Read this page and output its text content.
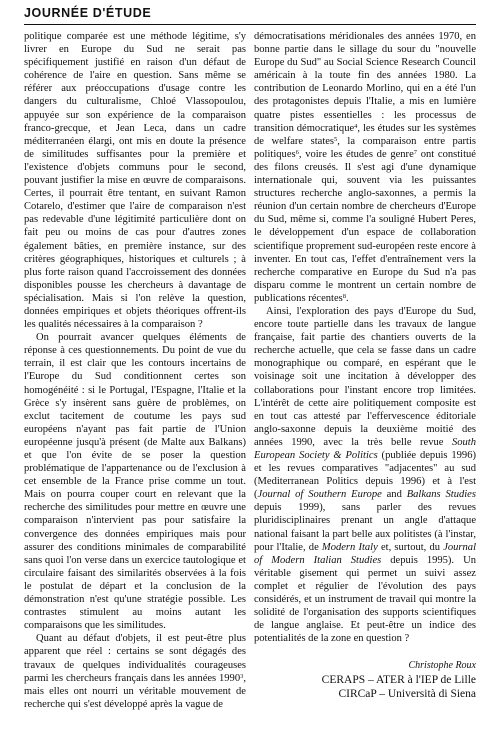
JOURNÉE D'ÉTUDE

politique comparée est une méthode légitime, s'y livrer en Europe du Sud ne serait pas spécifiquement justifié en raison d'un défaut de cohérence de l'aire en question. Sans même se référer aux préoccupations d'usage contre les dangers du culturalisme, Chloé Vlassopoulou, appuyée sur son expérience de la comparaison franco-grecque, et Jean Leca, dans un cadre méditerranéen élargi, ont mis en doute la présence de similitudes suffisantes pour la première et l'existence d'objets communs pour le second, pouvant justifier la mise en œuvre de comparaisons. Certes, il pourrait être tentant, en suivant Ramon Cotarelo, d'estimer que l'aire de comparaison n'est pas redevable d'une légitimité particulière dont on fait peu ou moins de cas pour d'autres zones également bâties, en première instance, sur des critères géographiques, historiques et culturels ; à plus forte raison quand l'accroissement des données disponibles pousse les chercheurs à davantage de spécialisation. Mais si l'on relève la question, données empiriques et objets théoriques offrent-ils les qualités nécessaires à la comparaison ?

On pourrait avancer quelques éléments de réponse à ces questionnements. Du point de vue du terrain, il est clair que les contours incertains de l'Europe du Sud conditionnent certes son homogénéité : si le Portugal, l'Espagne, l'Italie et la Grèce s'y insèrent sans guère de problèmes, on exclut tacitement de coutume les pays sud européens n'ayant pas fait partie de l'Union européenne jusqu'à présent (de Malte aux Balkans) et que l'on évite de se poser la question problématique de l'appartenance ou de l'exclusion à cet ensemble de la France prise comme un tout. Mais on pourra couper court en relevant que la recherche des similitudes pour mettre en œuvre une comparaison n'intervient pas pour satisfaire la convergence des données empiriques mais pour assurer des conditions minimales de comparabilité sans quoi l'on verse dans un exercice tautologique et circulaire faisant des similarités observées à la fois le postulat de départ et la conclusion de la démonstration n'est qu'une stratégie possible. Les contrastes stimulent au moins autant les comparaisons que les similitudes.

Quant au défaut d'objets, il est peut-être plus apparent que réel : certains se sont dégagés des travaux de quelques individualités courageuses parmi les chercheurs français dans les années 1990$^3$, mais elles ont nourri un véritable mouvement de recherche qui s'est développé après la vague de

démocratisations méridionales des années 1970, en bonne partie dans le sillage du sour du "nouvelle Europe du Sud" au Social Science Research Council américain à la toute fin des années 1980. La contribution de Leonardo Morlino, qui en a été l'un des protagonistes depuis l'Italie, a mis en lumière quatre pistes essentielles : les processus de transition démocratique$^4$, les études sur les systèmes de welfare states$^5$, la comparaison entre partis politiques$^6$, voire les études de genre$^7$ ont constitué des filons creusés. Il s'est agi d'une dynamique internationale qui, souvent via les puissantes structures recherche anglo-saxonnes, a permis la réunion d'un certain nombre de chercheurs d'Europe du Sud, même si, comme l'a souligné Hubert Peres, le développement d'un espace de collaboration scientifique proprement sud-européen reste encore à inventer. En tout cas, l'effet d'entraînement vers la recherche comparative en Europe du Sud n'a pas disparu comme le montrent un certain nombre de publications récentes$^8$.

Ainsi, l'exploration des pays d'Europe du Sud, encore toute partielle dans les travaux de langue française, fait partie des chantiers ouverts de la recherche actuelle, que cela se fasse dans un cadre monographique ou comparé, en espérant que le voisinage soit une incitation à développer des collaborations pour l'instant encore trop limitées. L'intérêt de cette aire politiquement composite est en tout cas attesté par l'effervescence éditoriale anglo-saxonne depuis la deuxième moitié des années 1990, avec la très belle revue South European Society & Politics (publiée depuis 1996) et les revues comparatives "adjacentes" au sud (Mediterranean Politics depuis 1996) et à l'est (Journal of Southern Europe and Balkans Studies depuis 1999), sans parler des revues pluridisciplinaires prenant un angle d'attaque national faisant la part belle aux politistes (à l'instar, pour l'Italie, de Modern Italy et, surtout, du Journal of Modern Italian Studies depuis 1995). Un véritable gisement qui permet un suivi assez complet et régulier de l'évolution des pays considérés, et un instrument de travail qui montre la solidité de l'organisation des supports scientifiques de langue anglaise. Et peut-être un indice des potentialités de la zone en question ?

Christophe Roux
CERAPS – ATER à l'IEP de Lille
CIRCaP – Università di Siena
